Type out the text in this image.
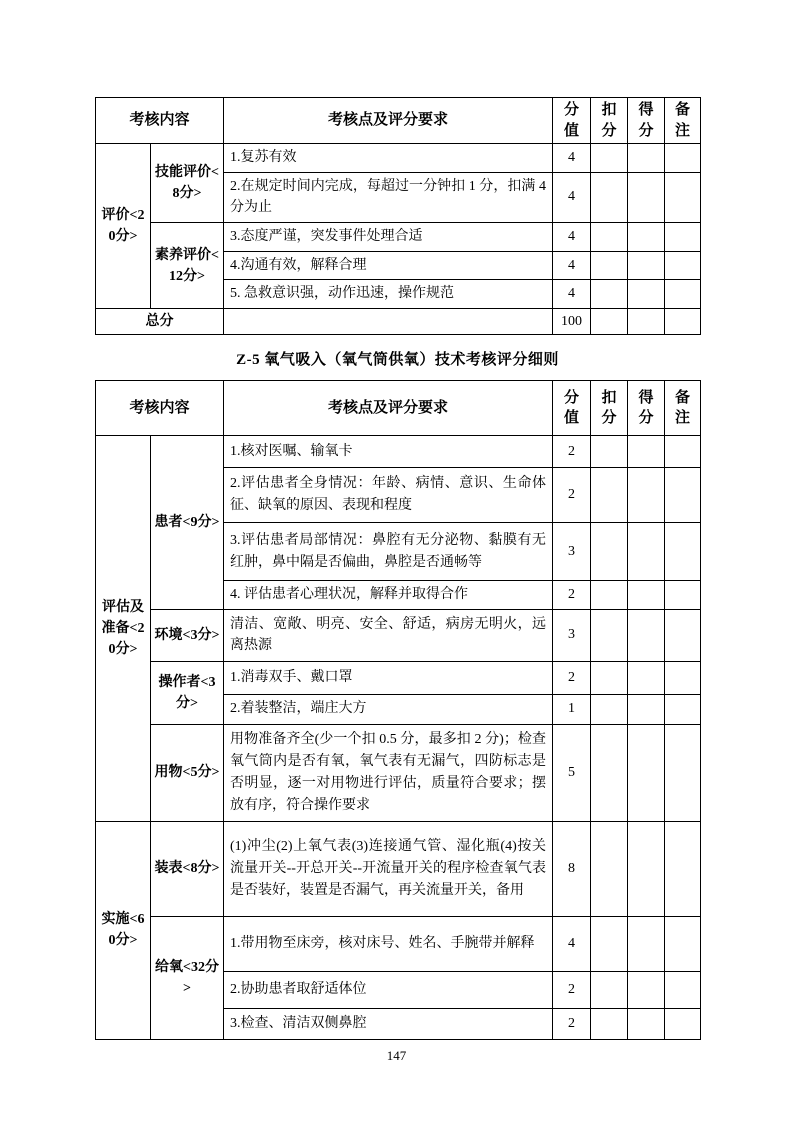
考核内容		考核点及评分要求	分值	扣分	得分	备注
评价<20分>	技能评价<8分>	1.复苏有效	4			
		2.在规定时间内完成，每超过一分钟扣 1 分，扣满 4 分为止	4			
	素养评价<12分>	3.态度严谨，突发事件处理合适	4			
		4.沟通有效，解释合理	4			
		5. 急救意识强，动作迅速，操作规范	4			
总分			100			
Z-5 氧气吸入（氧气筒供氧）技术考核评分细则
考核内容		考核点及评分要求	分值	扣分	得分	备注
评估及准备<20分>	患者<9分>	1.核对医嘱、输氧卡	2			
		2.评估患者全身情况：年龄、病情、意识、生命体征、缺氧的原因、表现和程度	2			
		3.评估患者局部情况：鼻腔有无分泌物、黏膜有无红肿，鼻中隔是否偏曲，鼻腔是否通畅等	3			
		4. 评估患者心理状况，解释并取得合作	2			
	环境<3分>	清洁、宽敞、明亮、安全、舒适，病房无明火，远离热源	3			
	操作者<3分>	1.消毒双手、戴口罩	2			
		2.着装整洁，端庄大方	1			
	用物<5分>	用物准备齐全(少一个扣 0.5 分，最多扣 2 分)；检查氧气筒内是否有氧，氧气表有无漏气，四防标志是否明显，逐一对用物进行评估，质量符合要求；摆放有序，符合操作要求	5			
实施<60分>	装表<8分>	(1)冲尘(2)上氧气表(3)连接通气管、湿化瓶(4)按关流量开关--开总开关--开流量开关的程序检查氧气表是否装好，装置是否漏气，再关流量开关，备用	8			
	给氧<32分>	1.带用物至床旁，核对床号、姓名、手腕带并解释	4			
		2.协助患者取舒适体位	2			
		3.检查、清洁双侧鼻腔	2			
147
